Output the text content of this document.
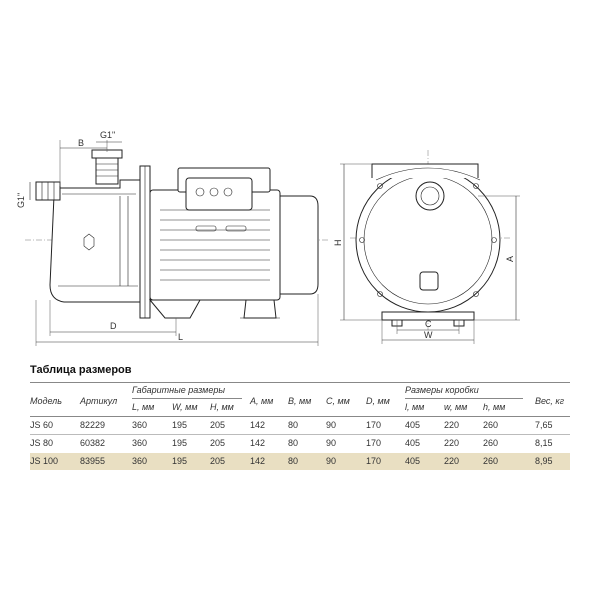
B
G1"
G1"
D
L
H
A
C
W
Таблица размеров
Габаритные размеры	Размеры коробки
Модель Артикул
L, мм W, мм H, мм
A, мм B, мм C, мм D, мм
l, мм w, мм h, мм
Вес, кг
JS 60	82229	360	195	205	142	80	90	170	405	220	260	7,65
JS 80	60382	360	195	205	142	80	90	170	405	220	260	8,15
JS 100 83955	360	195	205	142	80	90	170	405	220	260	8,95
